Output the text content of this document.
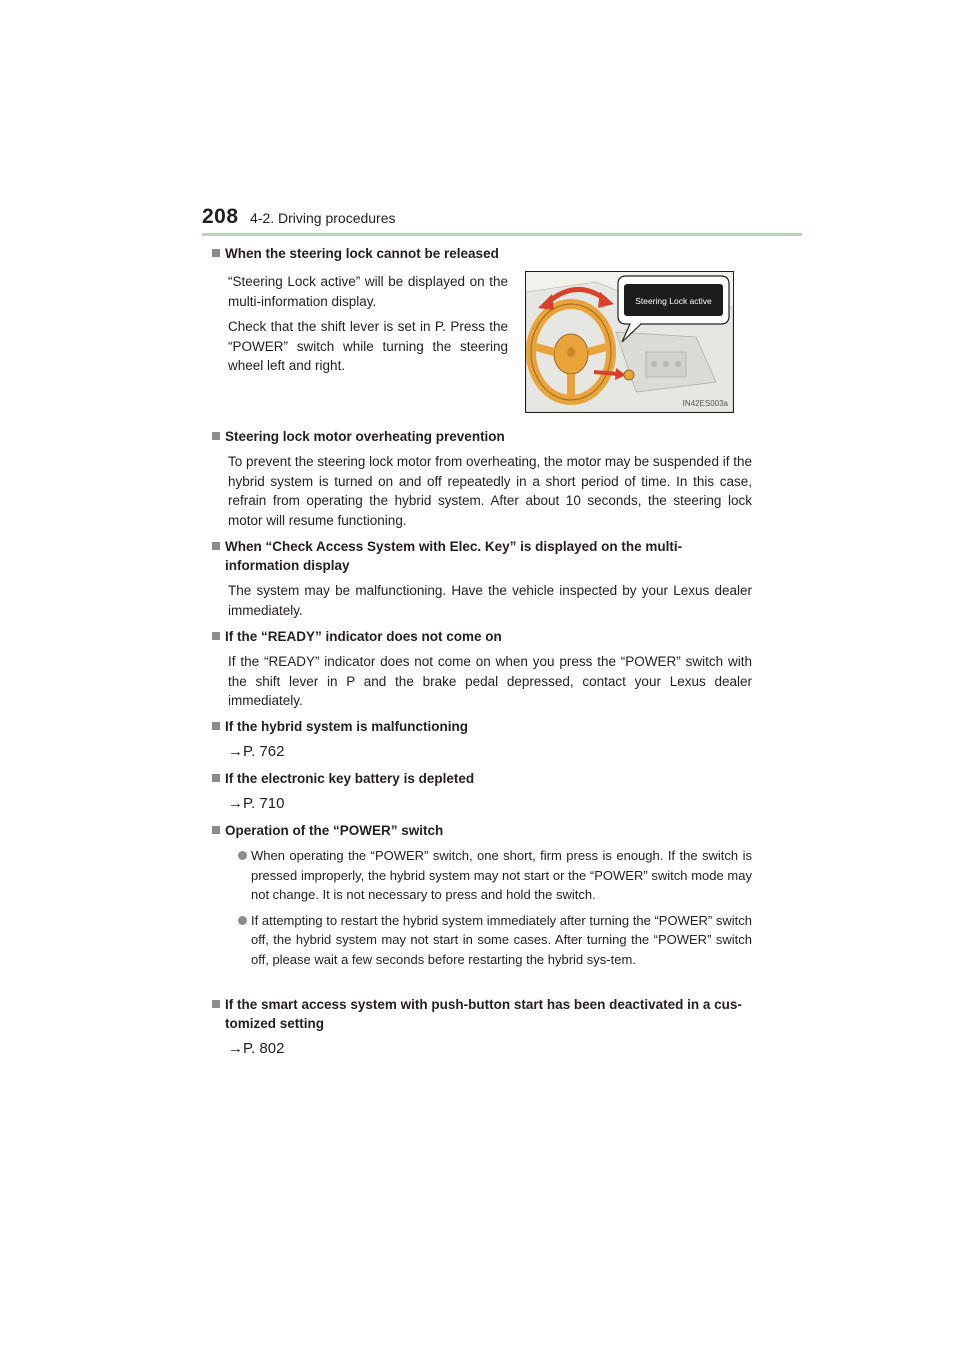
208 4-2. Driving procedures
Steering Lock active
IN42ES003a

When the steering lock cannot be released

“Steering Lock active” will be displayed on the multi-information display.

Check that the shift lever is set in P. Press the “POWER” switch while turning the steering wheel left and right.

Steering lock motor overheating prevention

To prevent the steering lock motor from overheating, the motor may be suspended if the hybrid system is turned on and off repeatedly in a short period of time. In this case, refrain from operating the hybrid system. After about 10 seconds, the steering lock motor will resume functioning.

When “Check Access System with Elec. Key” is displayed on the multi-information display

The system may be malfunctioning. Have the vehicle inspected by your Lexus dealer immediately.

If the “READY” indicator does not come on

If the “READY” indicator does not come on when you press the “POWER” switch with the shift lever in P and the brake pedal depressed, contact your Lexus dealer immediately.

If the hybrid system is malfunctioning

→P. 762

If the electronic key battery is depleted

→P. 710

Operation of the “POWER” switch

When operating the “POWER” switch, one short, firm press is enough. If the switch is pressed improperly, the hybrid system may not start or the “POWER” switch mode may not change. It is not necessary to press and hold the switch.
If attempting to restart the hybrid system immediately after turning the “POWER” switch off, the hybrid system may not start in some cases. After turning the “POWER” switch off, please wait a few seconds before restarting the hybrid sys-tem.

If the smart access system with push-button start has been deactivated in a cus-tomized setting

→P. 802
